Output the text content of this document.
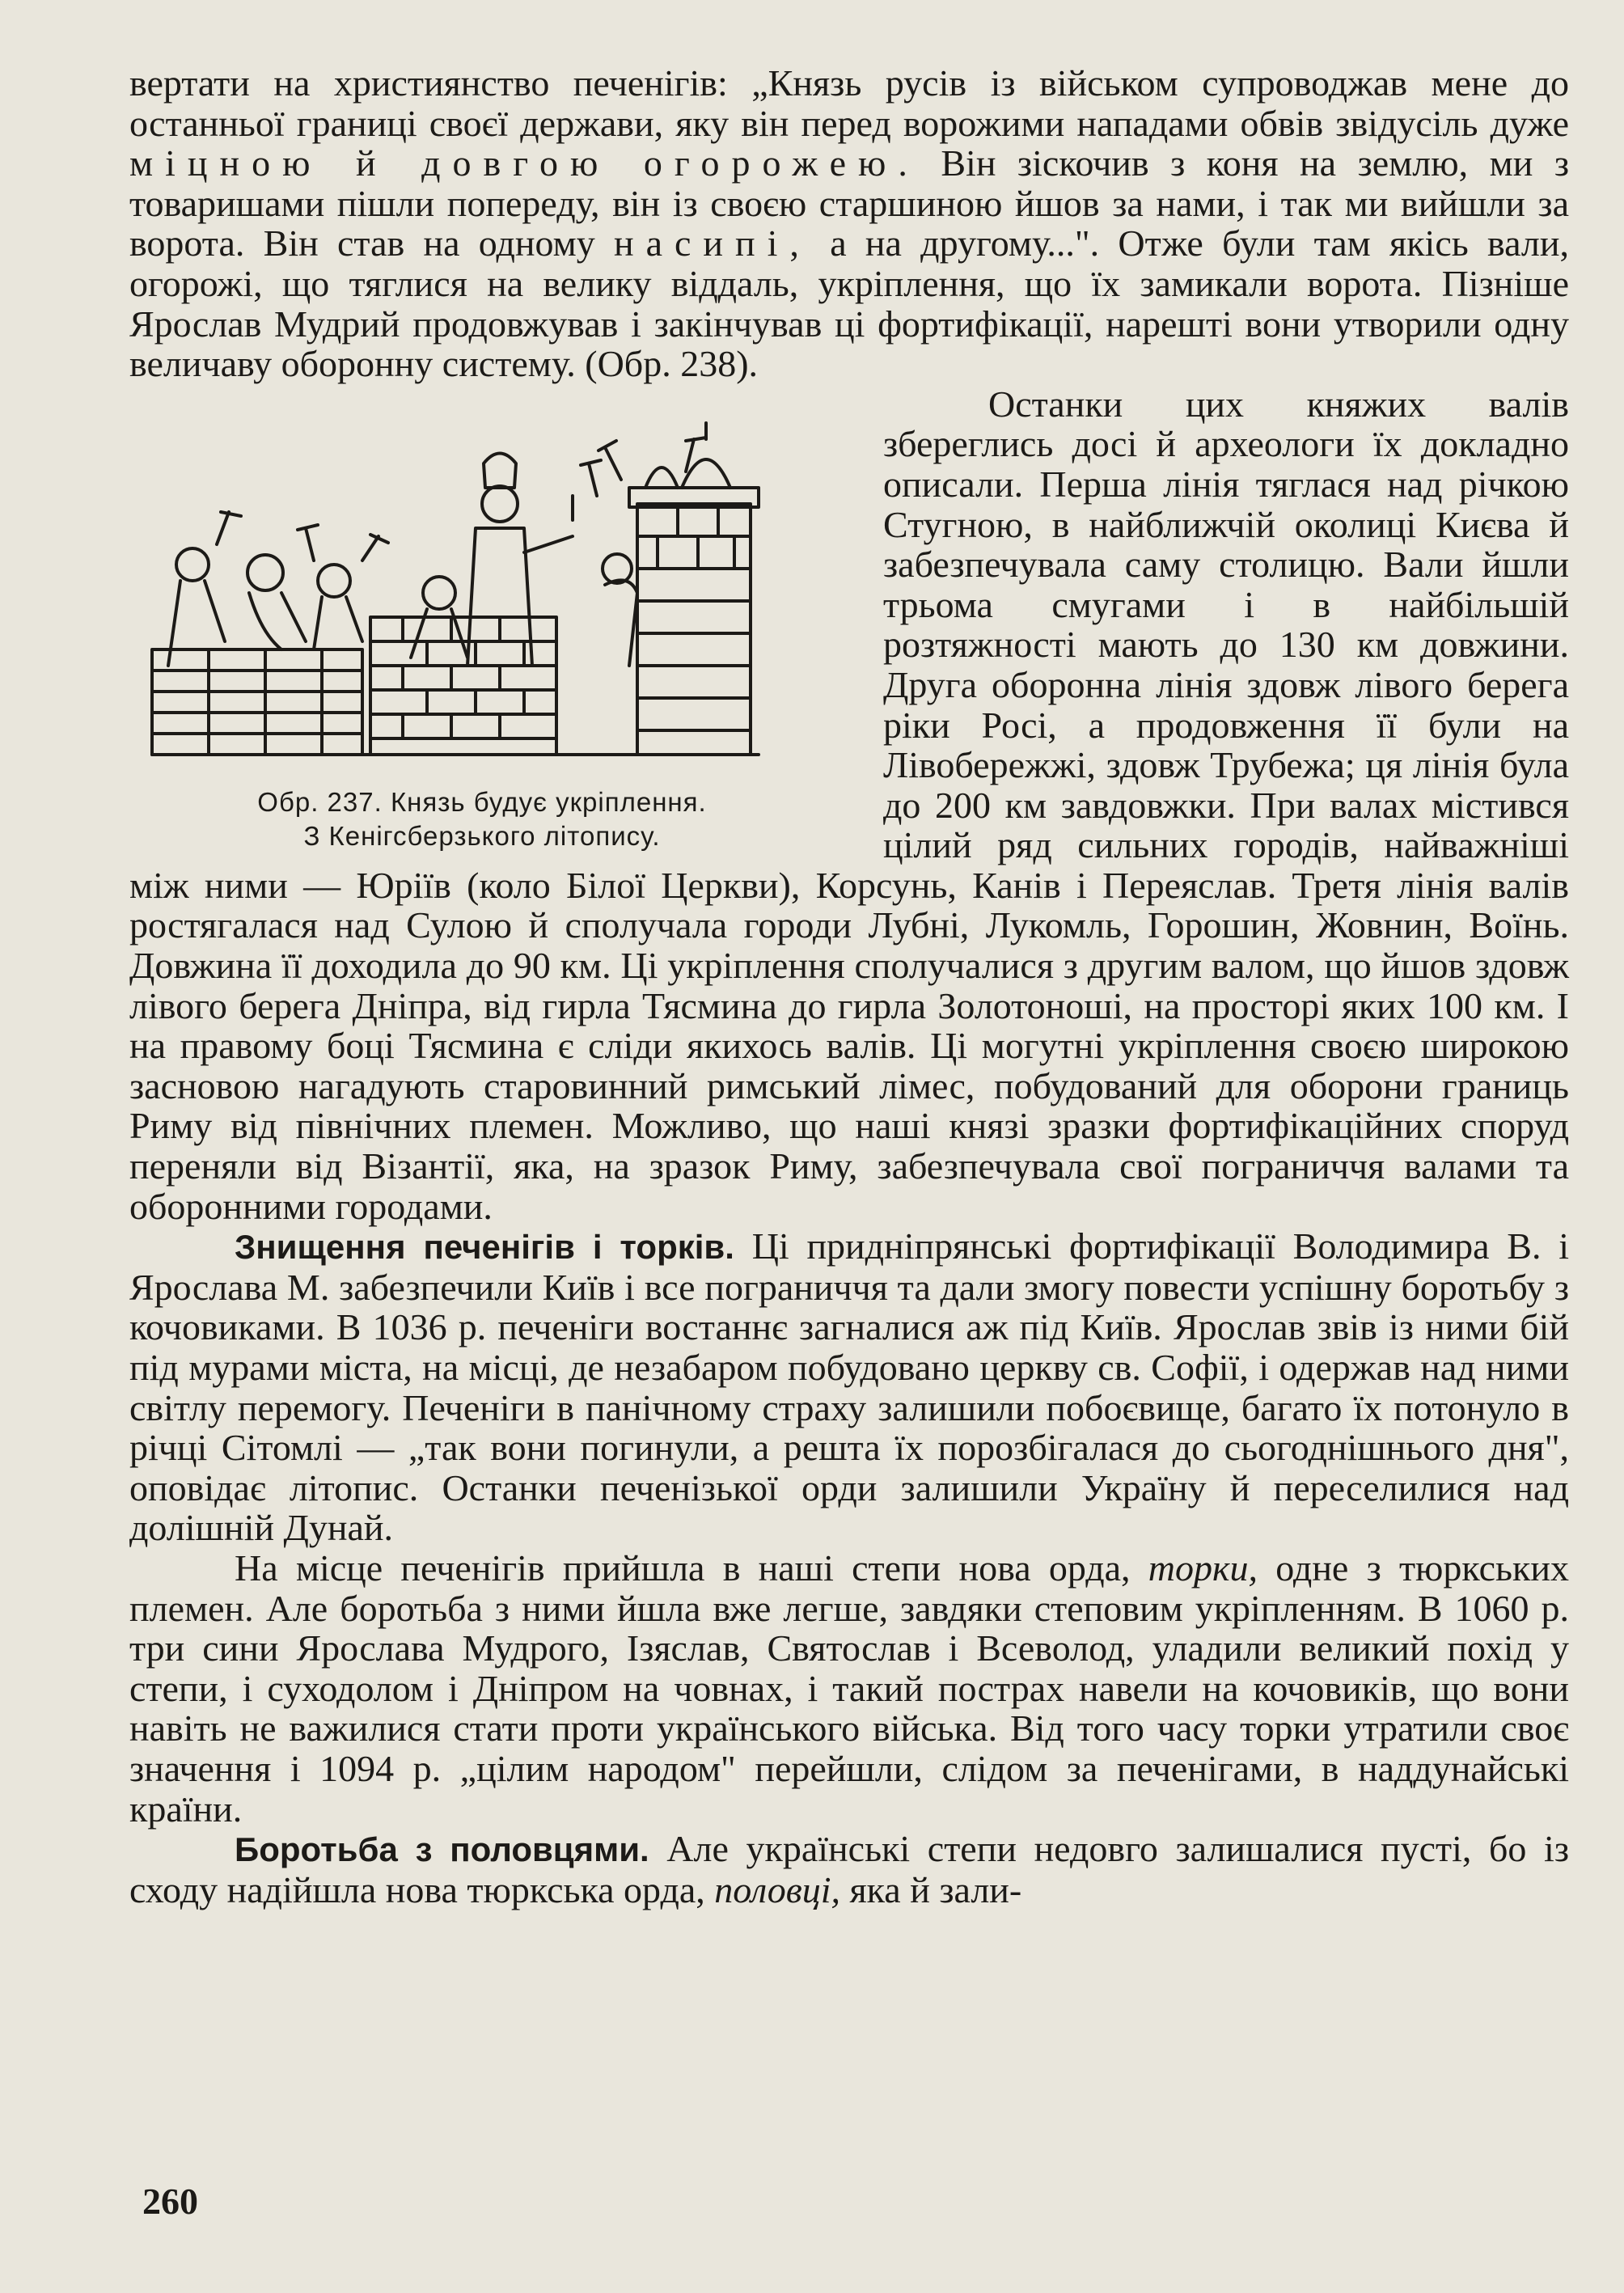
вертати на християнство печенігів: „Князь русів із військом супроводжав мене до останньої границі своєї держави, яку він перед ворожими нападами обвів звідусіль дуже міцною й довгою огорожею. Він зіскочив з коня на землю, ми з товаришами пішли попереду, він із своєю старшиною йшов за нами, і так ми вийшли за ворота. Він став на одному насипі, а на другому...". Отже були там якісь вали, огорожі, що тяглися на велику віддаль, укріплення, що їх замикали ворота. Пізніше Ярослав Мудрий продовжував і закінчував ці фортифікації, нарешті вони утворили одну величаву оборонну систему. (Обр. 238).

Обр. 237. Князь будує укріплення.
З Кенігсберзького літопису.

Останки цих княжих валів збереглись досі й археологи їх докладно описали. Перша лінія тяглася над річкою Стугною, в найближчій околиці Києва й забезпечувала саму столицю. Вали йшли трьома смугами і в найбільшій розтяжності мають до 130 км довжини. Друга оборонна лінія здовж лівого берега ріки Росі, а продовження її були на Лівобережжі, здовж Трубежа; ця лінія була до 200 км завдовжки. При валах містився цілий ряд сильних городів, найважніші між ними — Юріїв (коло Білої Церкви), Корсунь, Канів і Переяслав. Третя лінія валів ростягалася над Сулою й сполучала городи Лубні, Лукомль, Горошин, Жовнин, Воїнь. Довжина її доходила до 90 км. Ці укріплення сполучалися з другим валом, що йшов здовж лівого берега Дніпра, від гирла Тясмина до гирла Золотоноші, на просторі яких 100 км. І на правому боці Тясмина є сліди якихось валів. Ці могутні укріплення своєю широкою засновою нагадують старовинний римський лімес, побудований для оборони границь Риму від північних племен. Можливо, що наші князі зразки фортифікаційних споруд переняли від Візантії, яка, на зразок Риму, забезпечувала свої пограниччя валами та оборонними городами.

Знищення печенігів і торків. Ці придніпрянські фортифікації Володимира В. і Ярослава М. забезпечили Київ і все пограниччя та дали змогу повести успішну боротьбу з кочовиками. В 1036 р. печеніги востаннє загналися аж під Київ. Ярослав звів із ними бій під мурами міста, на місці, де незабаром побудовано церкву св. Софії, і одержав над ними світлу перемогу. Печеніги в панічному страху залишили побоєвище, багато їх потонуло в річці Сітомлі — „так вони погинули, а решта їх порозбігалася до сьогоднішнього дня", оповідає літопис. Останки печенізької орди залишили Україну й переселилися над долішній Дунай.

На місце печенігів прийшла в наші степи нова орда, торки, одне з тюркських племен. Але боротьба з ними йшла вже легше, завдяки степовим укріпленням. В 1060 р. три сини Ярослава Мудрого, Ізяслав, Святослав і Всеволод, уладили великий похід у степи, і суходолом і Дніпром на човнах, і такий пострах навели на кочовиків, що вони навіть не важилися стати проти українського війська. Від того часу торки утратили своє значення і 1094 р. „цілим народом" перейшли, слідом за печенігами, в наддунайські країни.

Боротьба з половцями. Але українські степи недовго залишалися пусті, бо із сходу надійшла нова тюркська орда, половці, яка й зали-

260
